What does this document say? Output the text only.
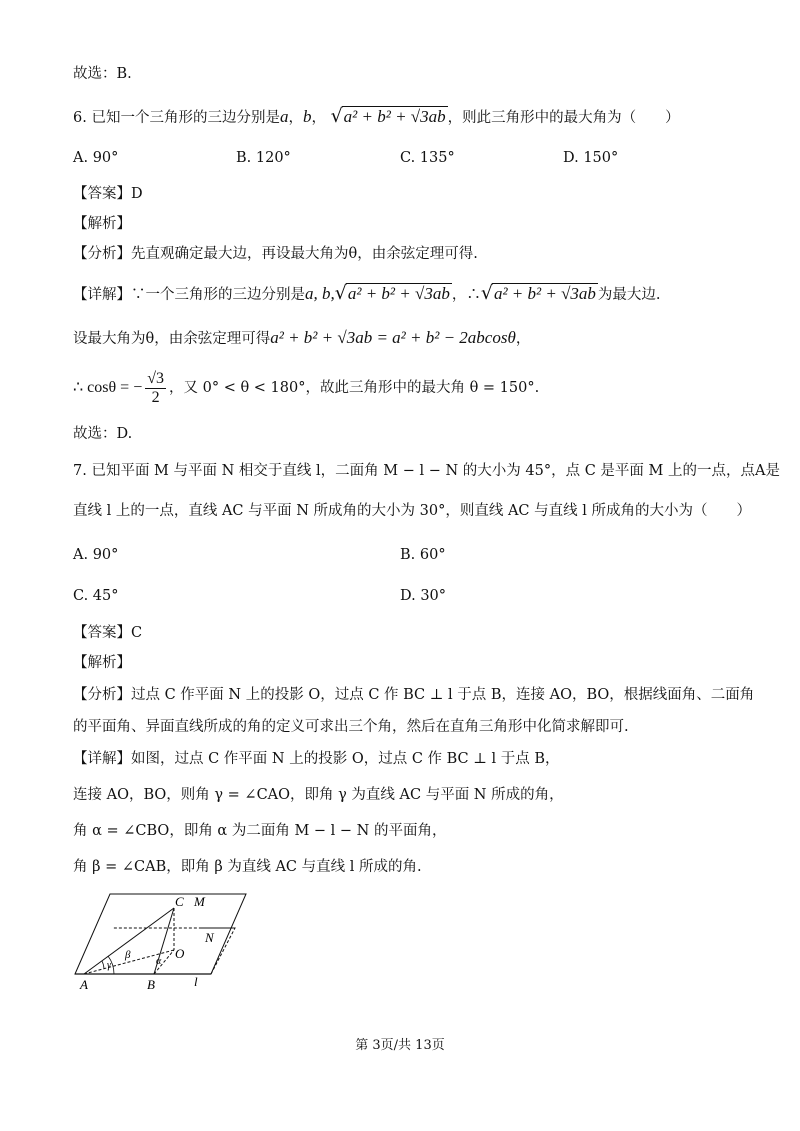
故选：B.
6. 已知一个三角形的三边分别是a，b， √a² + b² + √3ab ，则此三角形中的最大角为（　　）
A. 90°	B. 120°	C. 135°	D. 150°
【答案】D
【解析】
【分析】先直观确定最大边，再设最大角为θ，由余弦定理可得.
【详解】∵一个三角形的三边分别是a, b,√a² + b² + √3ab ，∴√a² + b² + √3ab 为最大边.
设最大角为θ，由余弦定理可得a² + b² + √3ab = a² + b² − 2abcosθ，
∴ cosθ = − $\frac{√3}{2}$ ，又 0° < θ < 180°，故此三角形中的最大角 θ = 150°.
故选：D.
7. 已知平面 M 与平面 N 相交于直线 l，二面角 M − l − N 的大小为 45°，点 C 是平面 M 上的一点，点A是
直线 l 上的一点，直线 AC 与平面 N 所成角的大小为 30°，则直线 AC 与直线 l 所成角的大小为（　　）
A. 90°	B. 60°
C. 45°	D. 30°
【答案】C
【解析】
【分析】过点 C 作平面 N 上的投影 O，过点 C 作 BC ⊥ l 于点 B，连接 AO，BO，根据线面角、二面角
的平面角、异面直线所成的角的定义可求出三个角，然后在直角三角形中化简求解即可.
【详解】如图，过点 C 作平面 N 上的投影 O，过点 C 作 BC ⊥ l 于点 B，
连接 AO，BO，则角 γ = ∠CAO，即角 γ 为直线 AC 与平面 N 所成的角，
角 α = ∠CBO，即角 α 为二面角 M − l − N 的平面角，
角 β = ∠CAB，即角 β 为直线 AC 与直线 l 所成的角.
C M
N
O
A	B	l
β
γ	α
第 3页/共 13页
